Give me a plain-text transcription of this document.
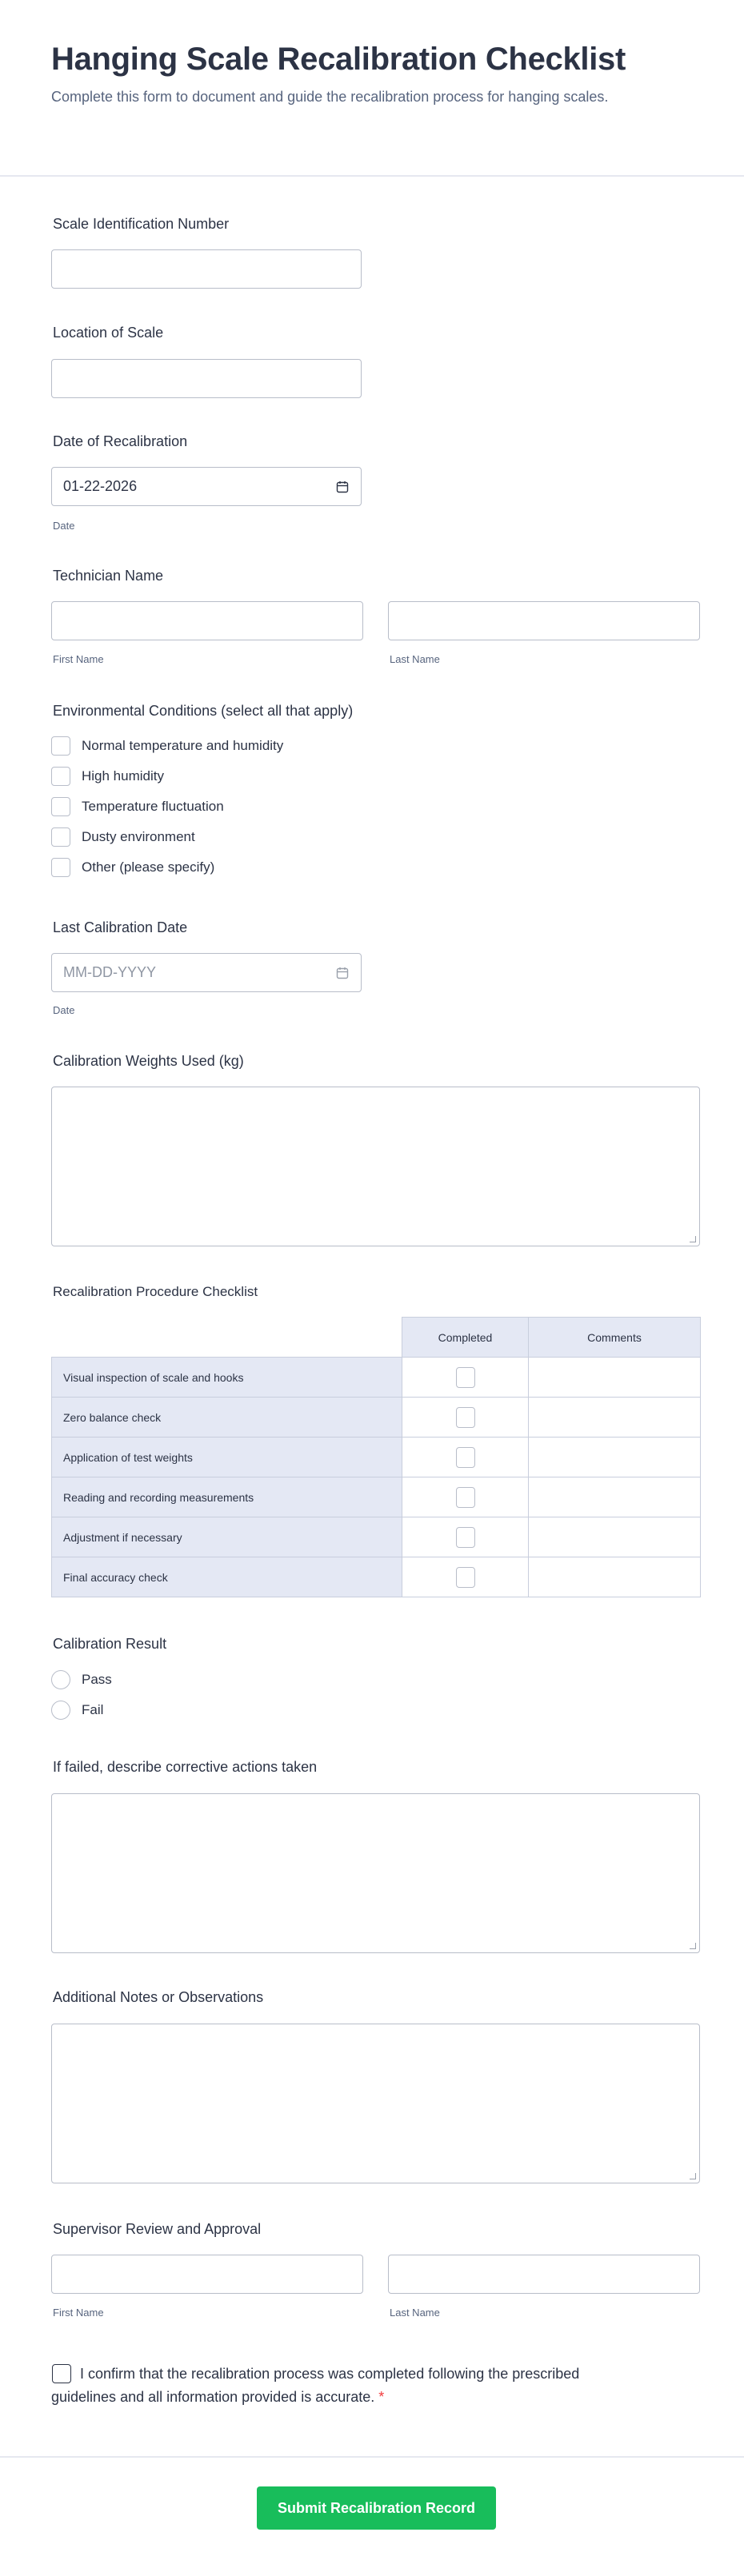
Hanging Scale Recalibration Checklist

Complete this form to document and guide the recalibration process for hanging scales.

Scale Identification Number
Location of Scale
Date of Recalibration
01-22-2026
Date
Technician Name
First Name	Last Name
Environmental Conditions (select all that apply)
Normal temperature and humidity
High humidity
Temperature fluctuation
Dusty environment
Other (please specify)
Last Calibration Date
MM-DD-YYYY
Date
Calibration Weights Used (kg)
Recalibration Procedure Checklist
	Completed	Comments
Visual inspection of scale and hooks		
Zero balance check		
Application of test weights		
Reading and recording measurements		
Adjustment if necessary		
Final accuracy check		
Calibration Result
Pass
Fail
If failed, describe corrective actions taken
Additional Notes or Observations
Supervisor Review and Approval
First Name	Last Name
I confirm that the recalibration process was completed following the prescribed guidelines and all information provided is accurate. *
Submit Recalibration Record
